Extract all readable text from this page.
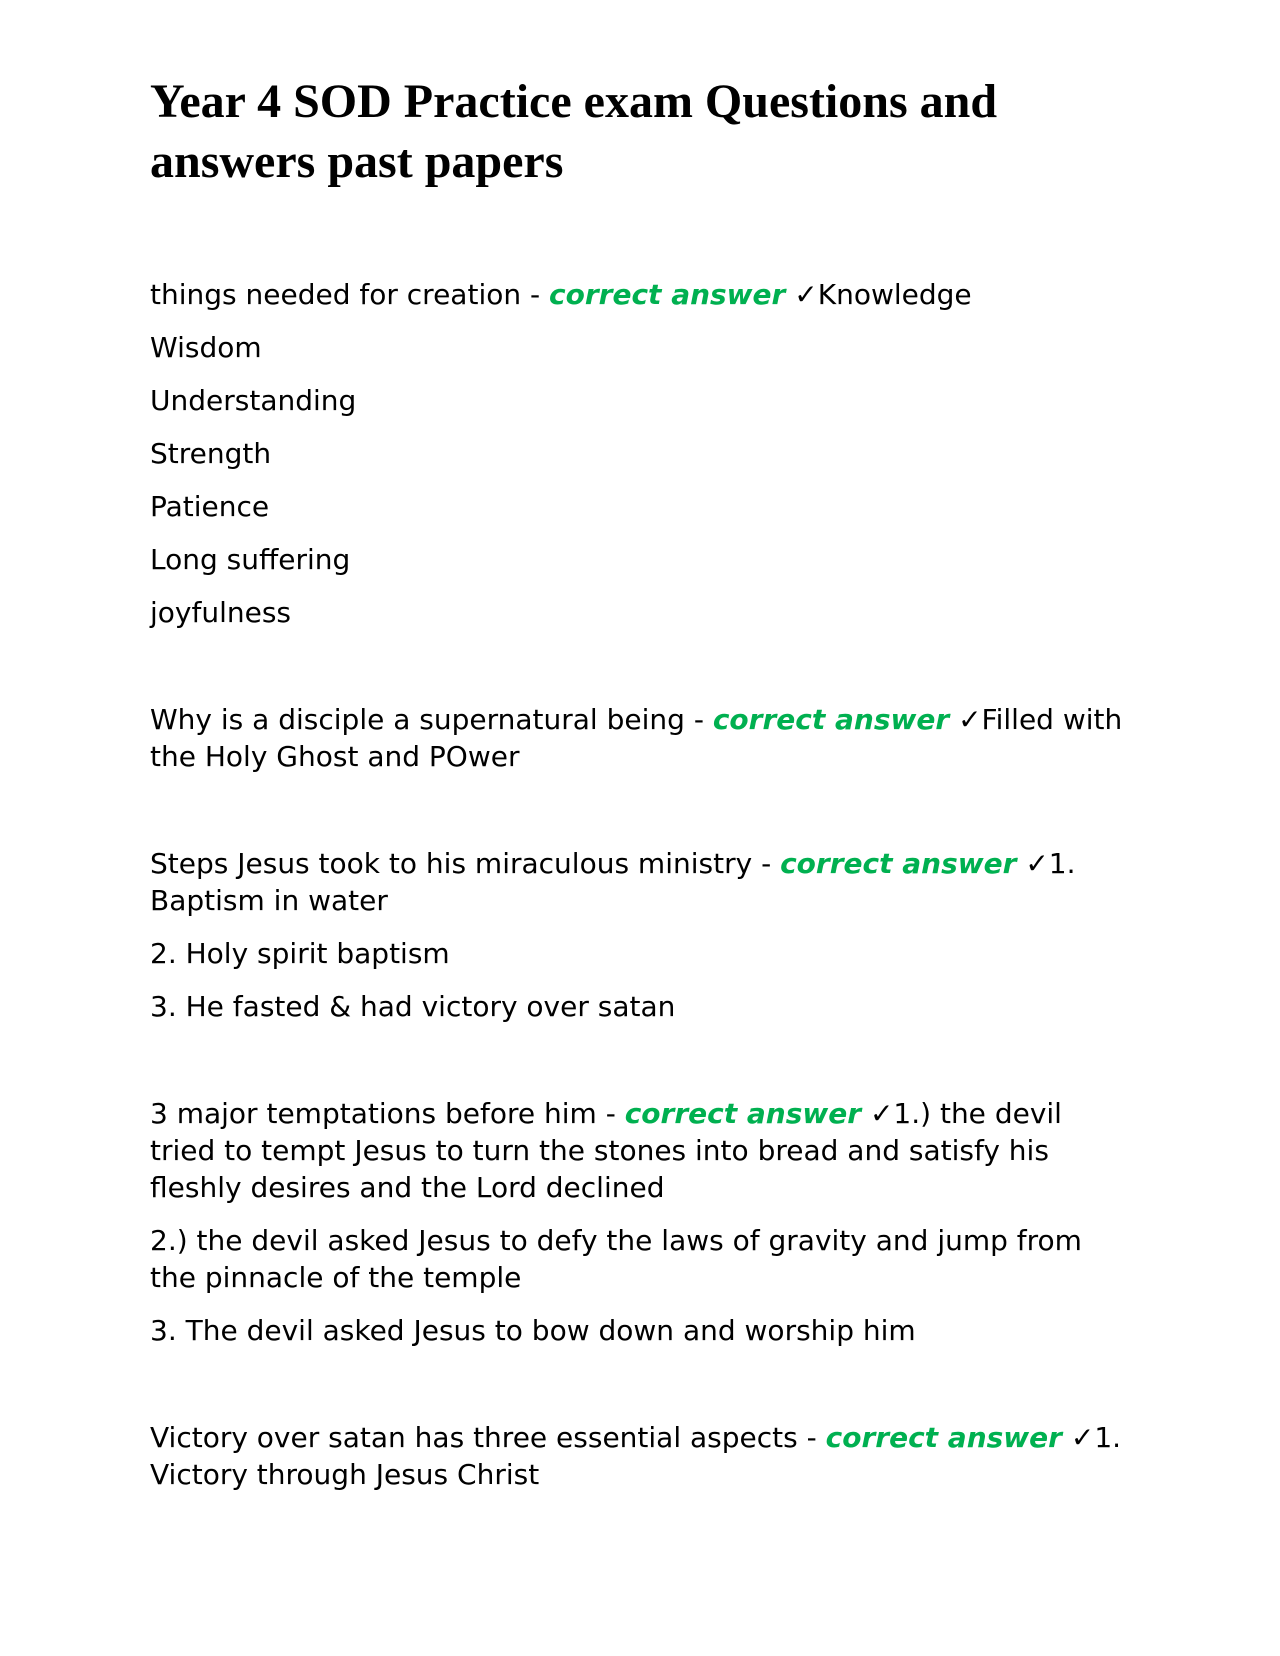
Year 4 SOD Practice exam Questions and answers past papers

things needed for creation - correct answer ✓Knowledge

Wisdom

Understanding

Strength

Patience

Long suffering

joyfulness

Why is a disciple a supernatural being - correct answer ✓Filled with the Holy Ghost and POwer

Steps Jesus took to his miraculous ministry - correct answer ✓1. Baptism in water

2. Holy spirit baptism

3. He fasted & had victory over satan

3 major temptations before him - correct answer ✓1.) the devil tried to tempt Jesus to turn the stones into bread and satisfy his fleshly desires and the Lord declined

2.) the devil asked Jesus to defy the laws of gravity and jump from the pinnacle of the temple

3. The devil asked Jesus to bow down and worship him

Victory over satan has three essential aspects - correct answer ✓1. Victory through Jesus Christ
